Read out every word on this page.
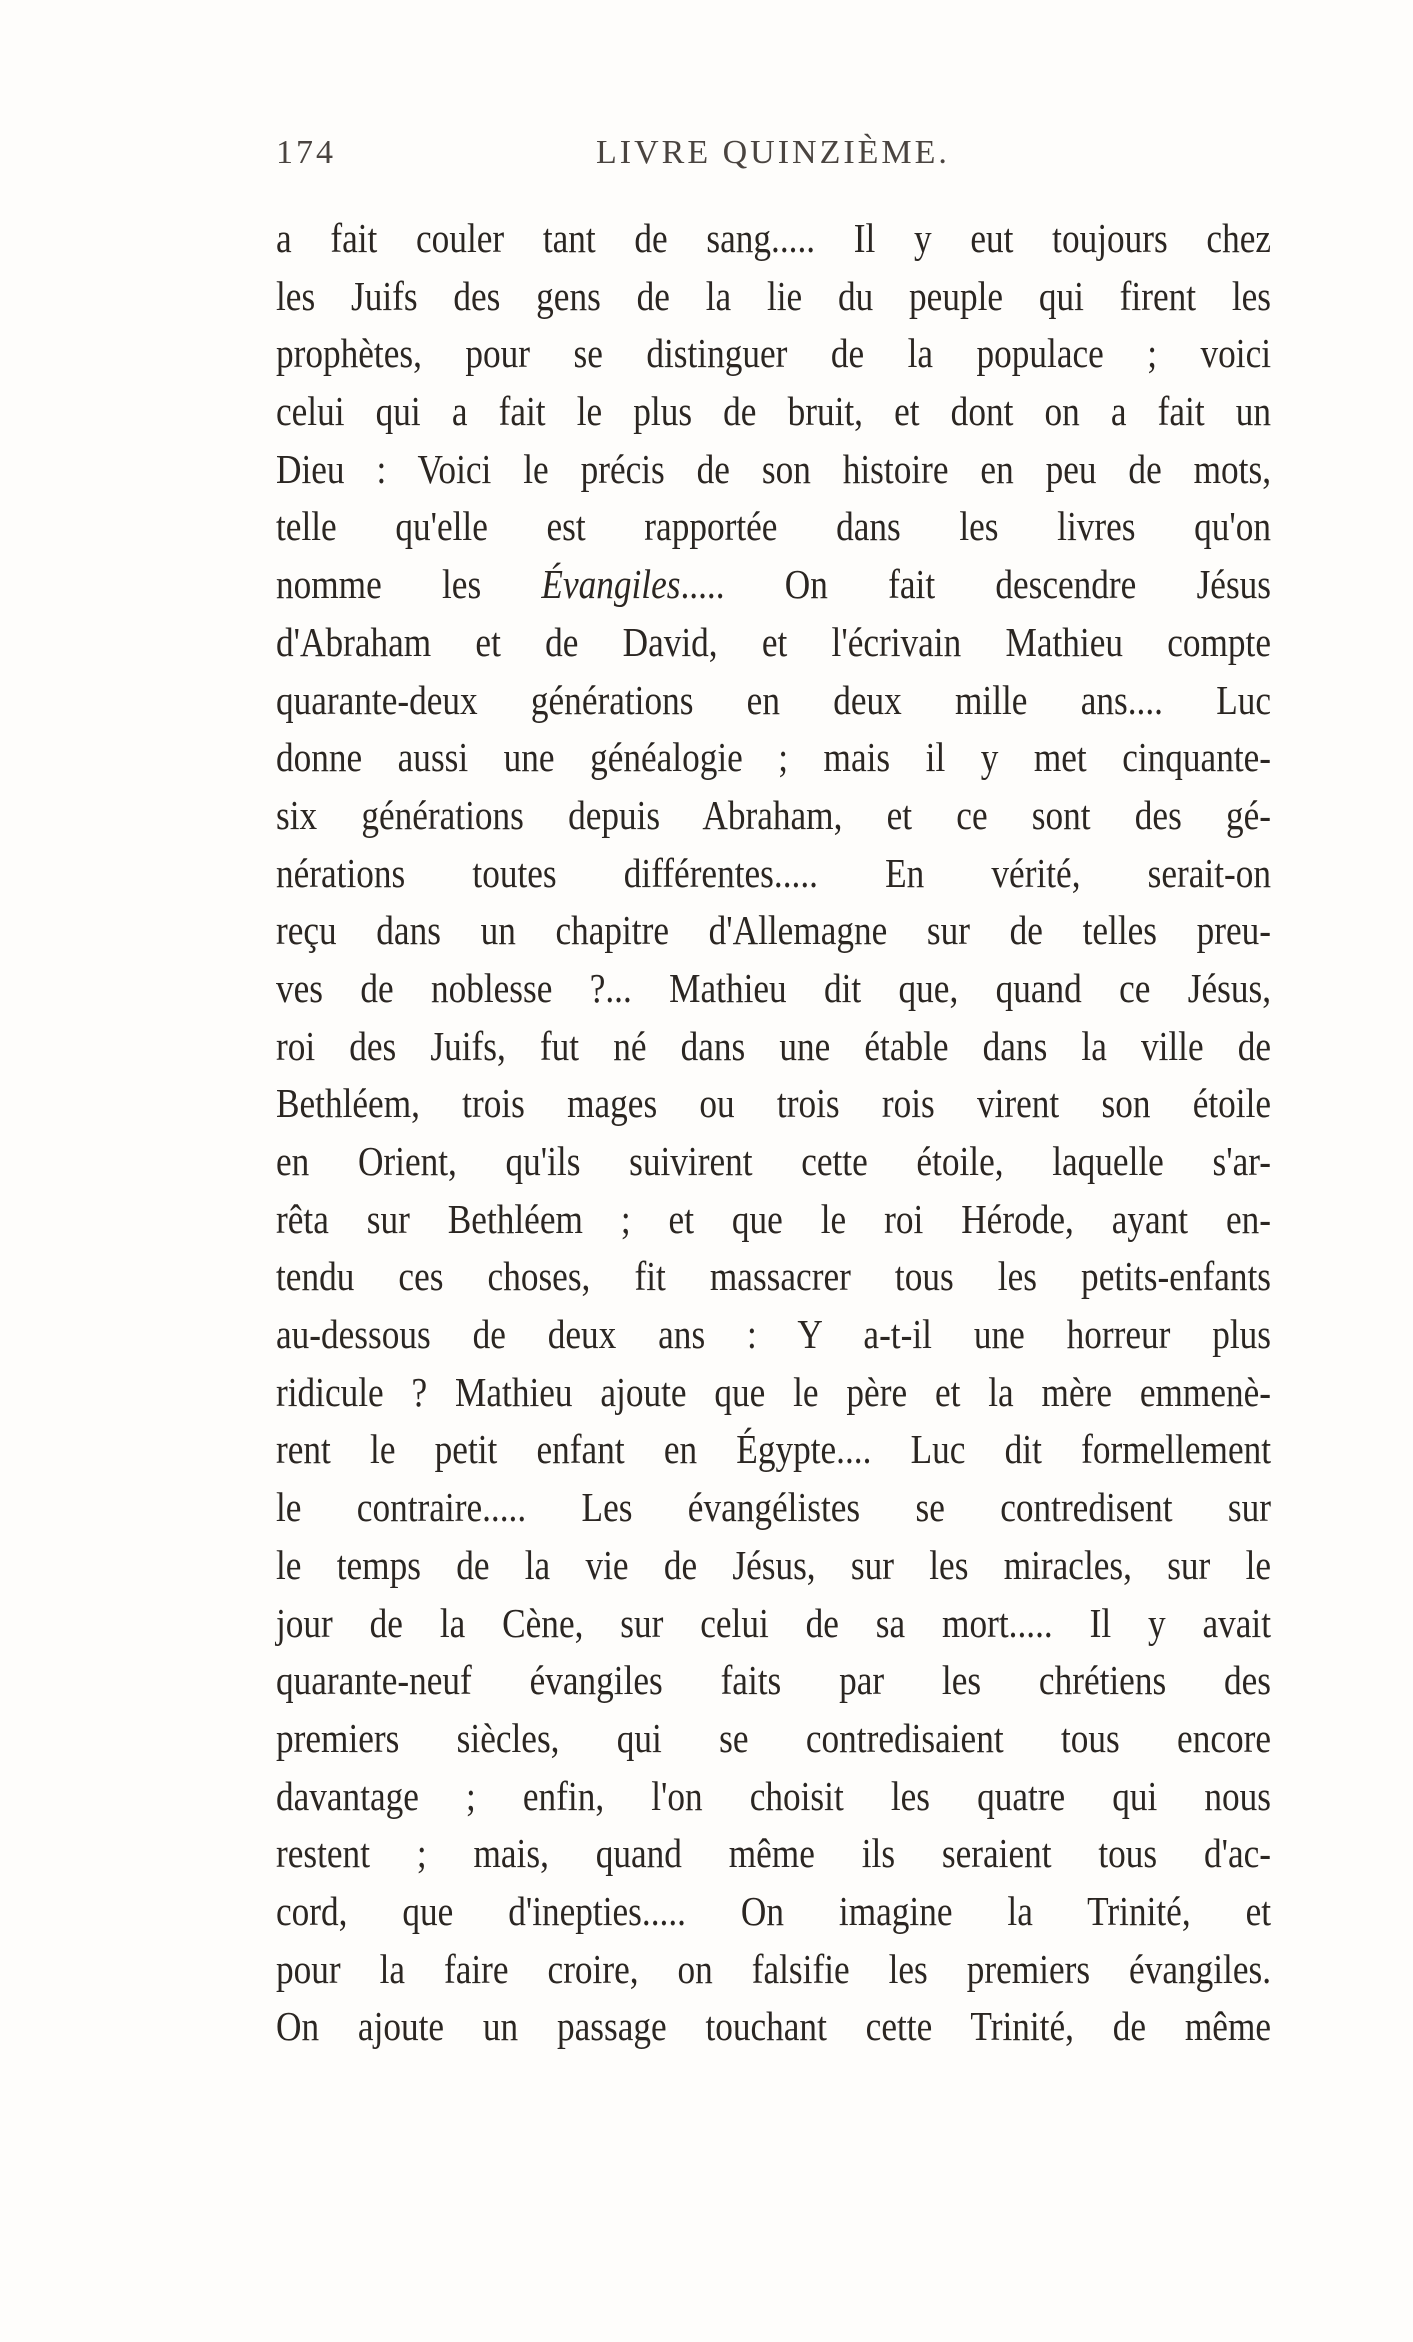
174	LIVRE QUINZIÈME.
a fait couler tant de sang..... Il y eut toujours chez
les Juifs des gens de la lie du peuple qui firent les
prophètes, pour se distinguer de la populace ; voici
celui qui a fait le plus de bruit, et dont on a fait un
Dieu : Voici le précis de son histoire en peu de mots,
telle qu'elle est rapportée dans les livres qu'on
nomme les Évangiles..... On fait descendre Jésus
d'Abraham et de David, et l'écrivain Mathieu compte
quarante-deux générations en deux mille ans.... Luc
donne aussi une généalogie ; mais il y met cinquante-
six générations depuis Abraham, et ce sont des gé-
nérations toutes différentes..... En vérité, serait-on
reçu dans un chapitre d'Allemagne sur de telles preu-
ves de noblesse ?... Mathieu dit que, quand ce Jésus,
roi des Juifs, fut né dans une étable dans la ville de
Bethléem, trois mages ou trois rois virent son étoile
en Orient, qu'ils suivirent cette étoile, laquelle s'ar-
rêta sur Bethléem ; et que le roi Hérode, ayant en-
tendu ces choses, fit massacrer tous les petits-enfants
au-dessous de deux ans : Y a-t-il une horreur plus
ridicule ? Mathieu ajoute que le père et la mère emmenè-
rent le petit enfant en Égypte.... Luc dit formellement
le contraire..... Les évangélistes se contredisent sur
le temps de la vie de Jésus, sur les miracles, sur le
jour de la Cène, sur celui de sa mort..... Il y avait
quarante-neuf évangiles faits par les chrétiens des
premiers siècles, qui se contredisaient tous encore
davantage ; enfin, l'on choisit les quatre qui nous
restent ; mais, quand même ils seraient tous d'ac-
cord, que d'inepties..... On imagine la Trinité, et
pour la faire croire, on falsifie les premiers évangiles.
On ajoute un passage touchant cette Trinité, de même
